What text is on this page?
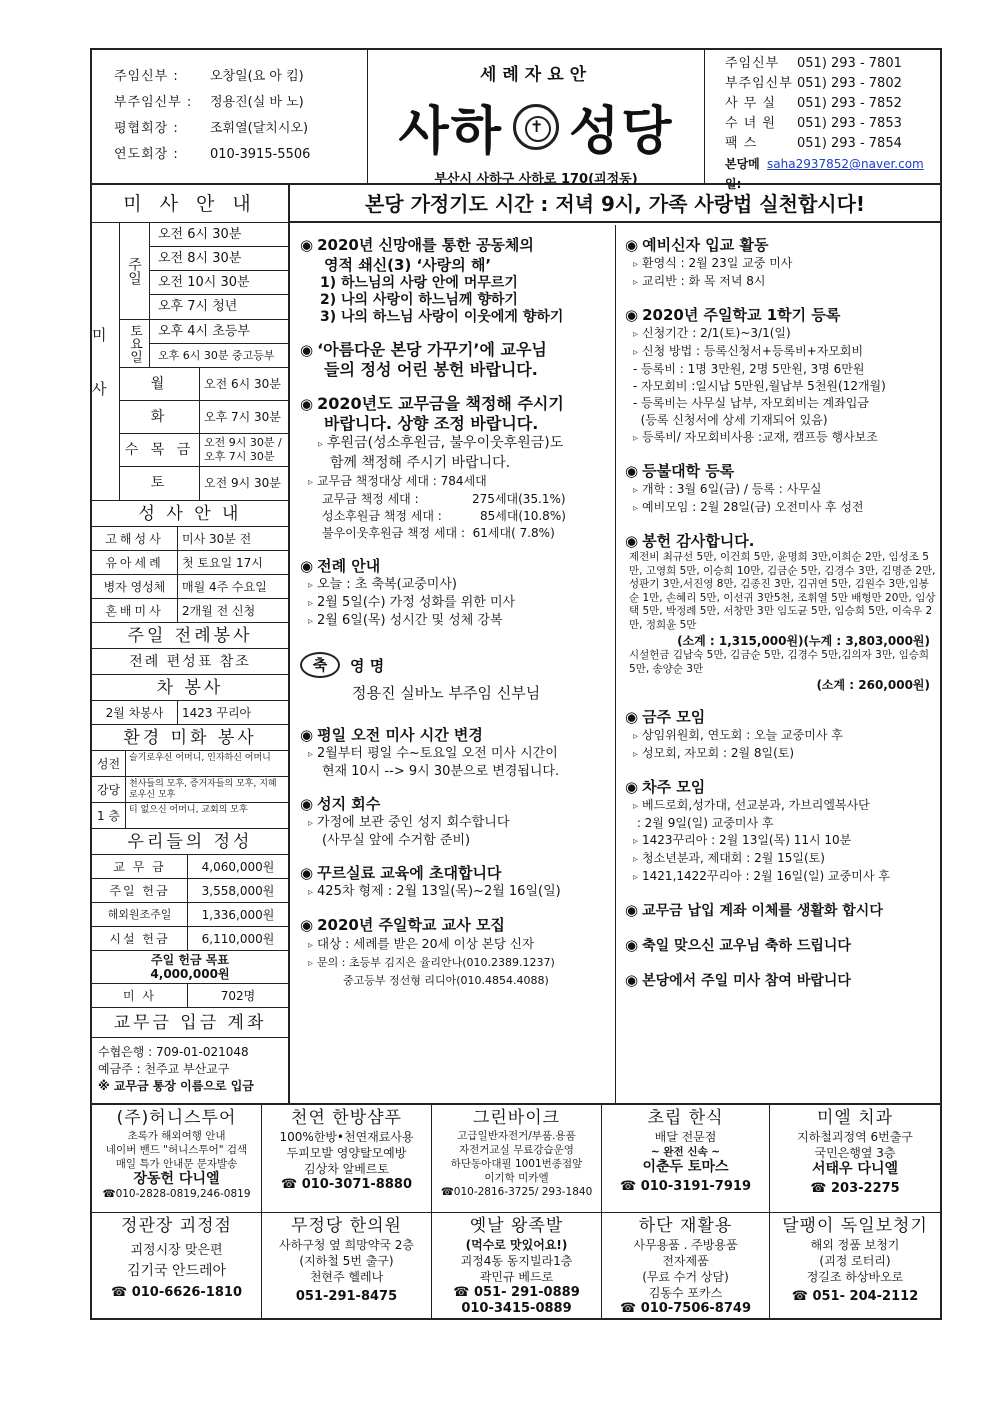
주임신부 :	오창일(요 아 킴)
부주임신부 :	정용진(실 바 노)
평협회장 :	조휘열(달치시오)
연도회장 :	010-3915-5506
세례자요안
사하
✝ 성당
부산시 사하구 사하로 170(괴정동)
주임신부	051) 293 - 7801
부주임신부 051) 293 - 7802
사 무 실	051) 293 - 7852
수 녀 원	051) 293 - 7853
팩 스	051) 293 - 7854
본당메일:
saha2937852@naver.com
미 사 안 내
미사
주일
오전 6시 30분
오전 8시 30분
오전 10시 30분
오후 7시 청년
토요일	오후 4시 초등부
오후 6시 30분 중고등부
월	오전 6시 30분
화	오후 7시 30분
수 목 금 오전 9시 30분 / 오후 7시 30분
토	오전 9시 30분
성 사 안 내
고해성사	미사 30분 전
유아세례	첫 토요일 17시
병자 영성체	매월 4주 수요일
혼배미사	2개월 전 신청
주일 전례봉사
전례 편성표 참조
차 봉사
2월 차봉사	1423 꾸리아
환경 미화 봉사
성전 슬기로우신 어머니, 인자하신 어머니
강당 천사들의 모후, 증거자들의 모후, 지혜로우신 모후
1 층 티 없으신 어머니, 교회의 모후
우리들의 정성
교 무 금	4,060,000원
주일 헌금	3,558,000원
해외원조주일	1,336,000원
시설 헌금	6,110,000원
주일 헌금 목표
4,000,000원
미 사	702명
교무금 입금 계좌
수협은행 : 709-01-021048
예금주 : 천주교 부산교구
※ 교무금 통장 이름으로 입금
본당 가정기도 시간 : 저녁 9시, 가족 사랑법 실천합시다!
◉ 2020년 신망애를 통한 공동체의
영적 쇄신(3) ‘사랑의 해’
1) 하느님의 사랑 안에 머무르기
2) 나의 사랑이 하느님께 향하기
3) 나의 하느님 사랑이 이웃에게 향하기
◉ ‘아름다운 본당 가꾸기’에 교우님
들의 정성 어린 봉헌 바랍니다.
◉ 2020년도 교무금을 책정해 주시기
바랍니다. 상향 조정 바랍니다.
▹ 후원금(성소후원금, 불우이웃후원금)도
함께 책정해 주시기 바랍니다.
▹ 교무금 책정대상 세대 : 784세대
교무금 책정 세대 :              275세대(35.1%)
성소후원금 책정 세대 :          85세대(10.8%)
불우이웃후원금 책정 세대 :  61세대( 7.8%)
◉ 전례 안내
▹ 오늘 : 초 축복(교중미사)
▹ 2월 5일(수) 가정 성화를 위한 미사
▹ 2월 6일(목) 성시간 및 성체 강복
축	영 명
정용진 실바노 부주임 신부님
◉ 평일 오전 미사 시간 변경
▹ 2월부터 평일 수~토요일 오전 미사 시간이
현재 10시 --> 9시 30분으로 변경됩니다.
◉ 성지 회수
▹ 가정에 보관 중인 성지 회수합니다
(사무실 앞에 수거함 준비)
◉ 꾸르실료 교육에 초대합니다
▹ 425차 형제 : 2월 13일(목)~2월 16일(일)
◉ 2020년 주일학교 교사 모집
▹ 대상 : 세례를 받은 20세 이상 본당 신자
▹ 문의 : 초등부 김지은 율리안나(010.2389.1237)
중고등부 정선형 리디아(010.4854.4088)
◉ 예비신자 입교 활동
▹ 환영식 : 2월 23일 교중 미사
▹ 교리반 : 화 목 저녁 8시
◉ 2020년 주일학교 1학기 등록
▹ 신청기간 : 2/1(토)~3/1(일)
▹ 신청 방법 : 등록신청서+등록비+자모회비
- 등록비 : 1명 3만원, 2명 5만원, 3명 6만원
- 자모회비 :일시납 5만원,월납부 5천원(12개월)
- 등록비는 사무실 납부, 자모회비는 계좌입금
(등록 신청서에 상세 기재되어 있음)
▹ 등록비/ 자모회비사용 :교재, 캠프등 행사보조
◉ 등불대학 등록
▹ 개학 : 3월 6일(금) / 등록 : 사무실
▹ 예비모임 : 2월 28일(금) 오전미사 후 성전
◉ 봉헌 감사합니다.
제전비 최규선 5만, 이건희 5만, 윤명희 3만,이희순 2만, 임성조 5만, 고영희 5만, 이승희 10만, 김금순 5만, 김경수 3만, 김명준 2만, 성판기 3만,서진영 8만, 김종진 3만, 김귀연 5만, 김원수 3만,임봉순 1만, 손혜리 5만, 이선귀 3만5천, 조휘열 5만 배형만 20만, 임상택 5만, 박정례 5만, 서창만 3만 임도균 5만, 임승희 5만, 이숙우 2만, 정희윤 5만
(소계 : 1,315,000원)(누계 : 3,803,000원)
시설헌금 김남숙 5만, 김금순 5만, 김경수 5만,김의자 3만, 임승희 5만, 송양순 3만
(소계 : 260,000원)
◉ 금주 모임
▹ 상임위원회, 연도회 : 오늘 교중미사 후
▹ 성모회, 자모회 : 2월 8일(토)
◉ 차주 모임
▹ 베드로회,성가대, 선교분과, 가브리엘복사단
: 2월 9일(일) 교중미사 후
▹ 1423꾸리아 : 2월 13일(목) 11시 10분
▹ 청소년분과, 제대회 : 2월 15일(토)
▹ 1421,1422꾸리아 : 2월 16일(일) 교중미사 후
◉ 교무금 납입 계좌 이체를 생활화 합시다
◉ 축일 맞으신 교우님 축하 드립니다
◉ 본당에서 주일 미사 참여 바랍니다
(주)허니스투어
초록가 해외여행 안내
네이버 밴드 "허니스투어" 검색
매일 특가 안내문 문자발송
장동헌 다니엘
☎010-2828-0819,246-0819
천연 한방샴푸
100%한방•천연재료사용
두피모발 영양탈모예방
김상차 알베르토
☎ 010-3071-8880
그린바이크
고급일반자전거/부품.용품
자전거교실 무료강습운영
하단동아대필 1001번종점앞
이기학 미카엘
☎010-2816-3725/ 293-1840
초립 한식
배달 전문점
~ 완전 신속 ~
이춘두 토마스
☎ 010-3191-7919
미엘 치과
지하철괴정역 6번출구
국민은행옆 3층
서태우 다니엘
☎ 203-2275
정관장 괴정점
괴정시장 맞은편
김기국 안드레아
☎ 010-6626-1810
무정당 한의원
사하구청 옆 희망약국 2층
(지하철 5번 출구)
천현주 헬레나
051-291-8475
옛날 왕족발
(먹수로 맛있어요!)
괴정4동 동지빌라1층
곽민규 베드로
☎ 051- 291-0889
010-3415-0889
하단 재활용
사무용품 . 주방용품
전자제품
(무료 수거 상담)
김동수 포카스
☎ 010-7506-8749
달팽이 독일보청기
해외 정품 보청기
(괴정 로터리)
정길조 하상바오로
☎ 051- 204-2112
